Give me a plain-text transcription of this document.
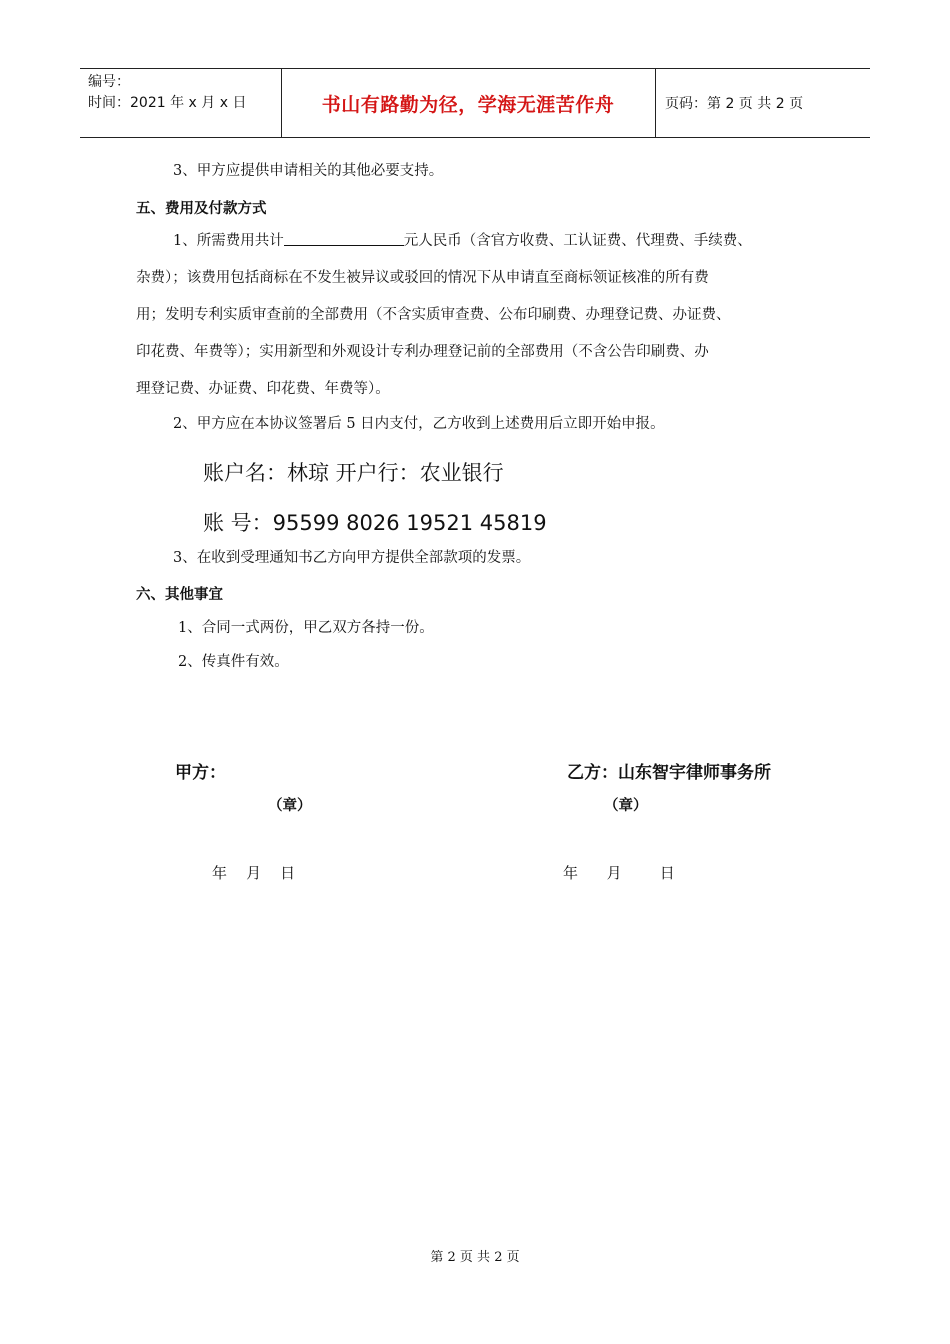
编号：
时间：2021 年 x 月 x 日	书山有路勤为径，学海无涯苦作舟	页码：第 2 页 共 2 页
3、甲方应提供申请相关的其他必要支持。
五、费用及付款方式
1、所需费用共计	元人民币（含官方收费、工认证费、代理费、手续费、
杂费）；该费用包括商标在不发生被异议或驳回的情况下从申请直至商标领证核准的所有费
用；发明专利实质审查前的全部费用（不含实质审查费、公布印刷费、办理登记费、办证费、
印花费、年费等）；实用新型和外观设计专利办理登记前的全部费用（不含公告印刷费、办
理登记费、办证费、印花费、年费等）。
2、甲方应在本协议签署后 5 日内支付，乙方收到上述费用后立即开始申报。
账户名：林琼 开户行：农业银行
账 号：95599 8026 19521 45819
3、在收到受理通知书乙方向甲方提供全部款项的发票。
六、其他事宜
1、合同一式两份，甲乙双方各持一份。
2、传真件有效。
甲方：	乙方：山东智宇律师事务所
（章）	（章）
年    月    日	年      月        日
第 2 页 共 2 页
